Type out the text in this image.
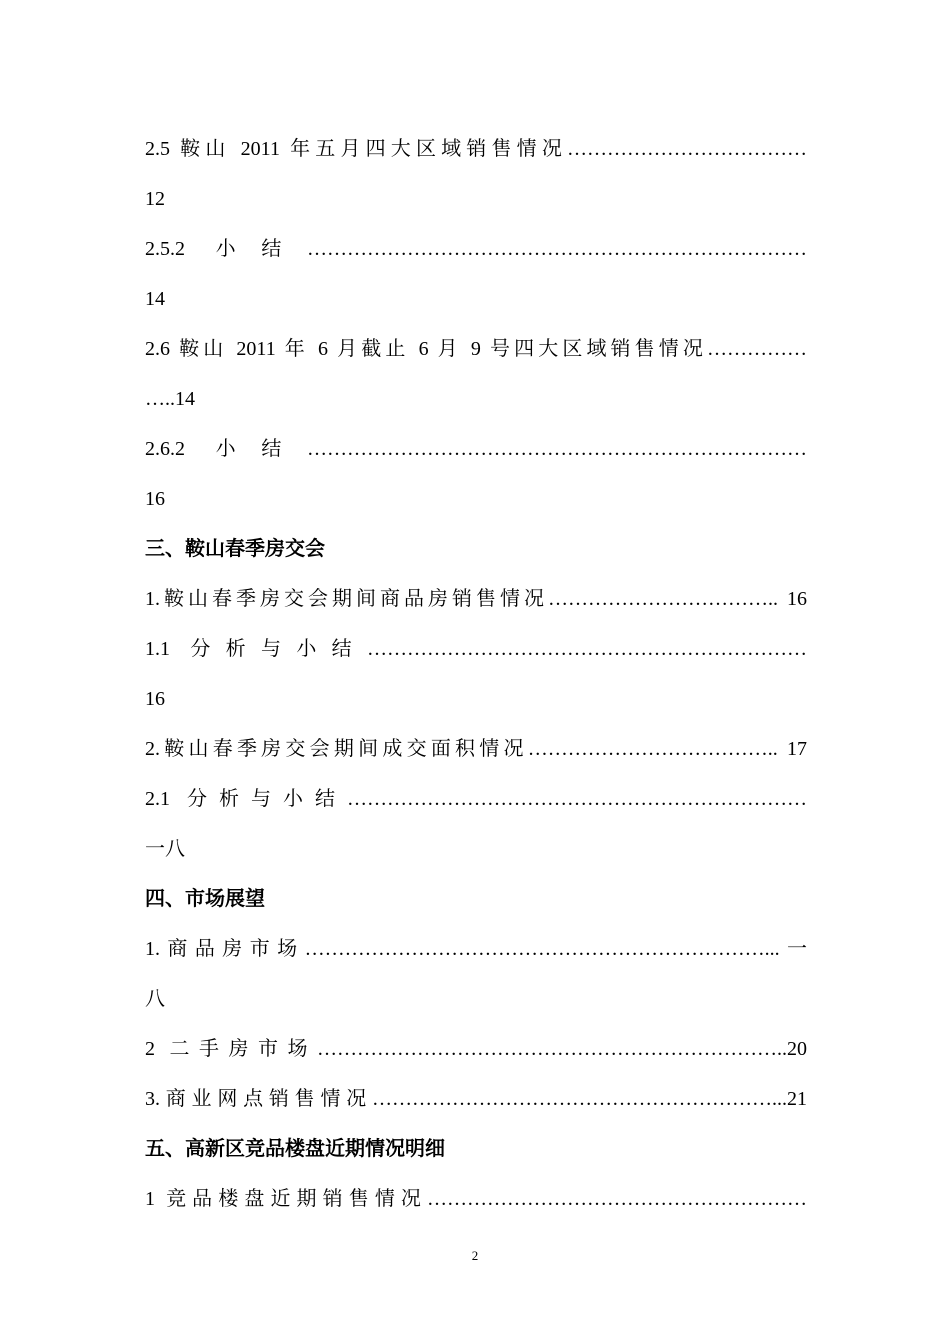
2.5 鞍山 2011 年五月四大区域销售情况………………………………
12
2.5.2 小结…………………………………………………………………
14
2.6 鞍山 2011 年 6 月截止 6 月 9 号四大区域销售情况……………
…..14
2.6.2 小结…………………………………………………………………
16
三、鞍山春季房交会
1.鞍山春季房交会期间商品房销售情况…………………………….. 16
1.1 分析与小结…………………………………………………………
16
2.鞍山春季房交会期间成交面积情况……………………………….. 17
2.1 分析与小结……………………………………………………………
一八
四、市场展望
1.商品房市场……………………………………………………………...一
八
2 二手房市场……………………………………………………………..20
3.商业网点销售情况……………………………………………………...21
五、高新区竞品楼盘近期情况明细
1 竞品楼盘近期销售情况…………………………………………………
2
